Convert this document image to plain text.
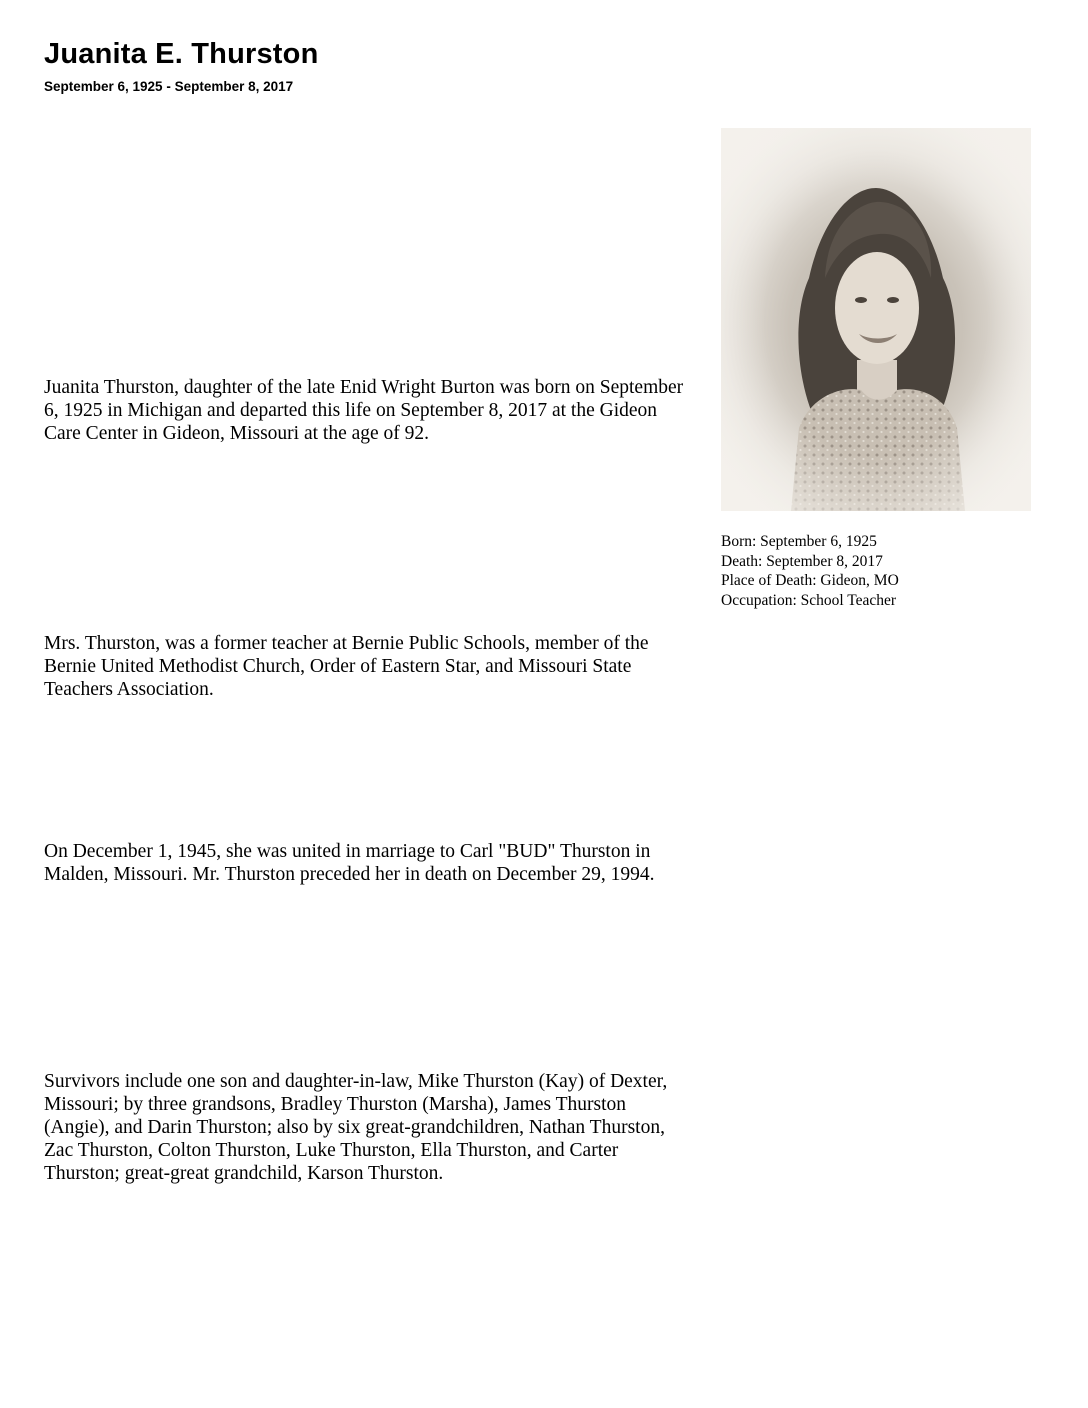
Juanita E. Thurston
September 6, 1925 - September 8, 2017
Born: September 6, 1925
Death: September 8, 2017
Place of Death: Gideon, MO
Occupation: School Teacher

Juanita Thurston, daughter of the late Enid Wright Burton was born on September 6, 1925 in Michigan and departed this life on September 8, 2017 at the Gideon Care Center in Gideon, Missouri at the age of 92.

Mrs. Thurston, was a former teacher at Bernie Public Schools, member of the Bernie United Methodist Church, Order of Eastern Star, and Missouri State Teachers Association.

On December 1, 1945, she was united in marriage to Carl "BUD" Thurston in Malden, Missouri. Mr. Thurston preceded her in death on December 29, 1994.

Survivors include one son and daughter-in-law, Mike Thurston (Kay) of Dexter, Missouri; by three grandsons, Bradley Thurston (Marsha), James Thurston (Angie), and Darin Thurston; also by six great-grandchildren, Nathan Thurston, Zac Thurston, Colton Thurston, Luke Thurston, Ella Thurston, and Carter Thurston; great-great grandchild, Karson Thurston.
